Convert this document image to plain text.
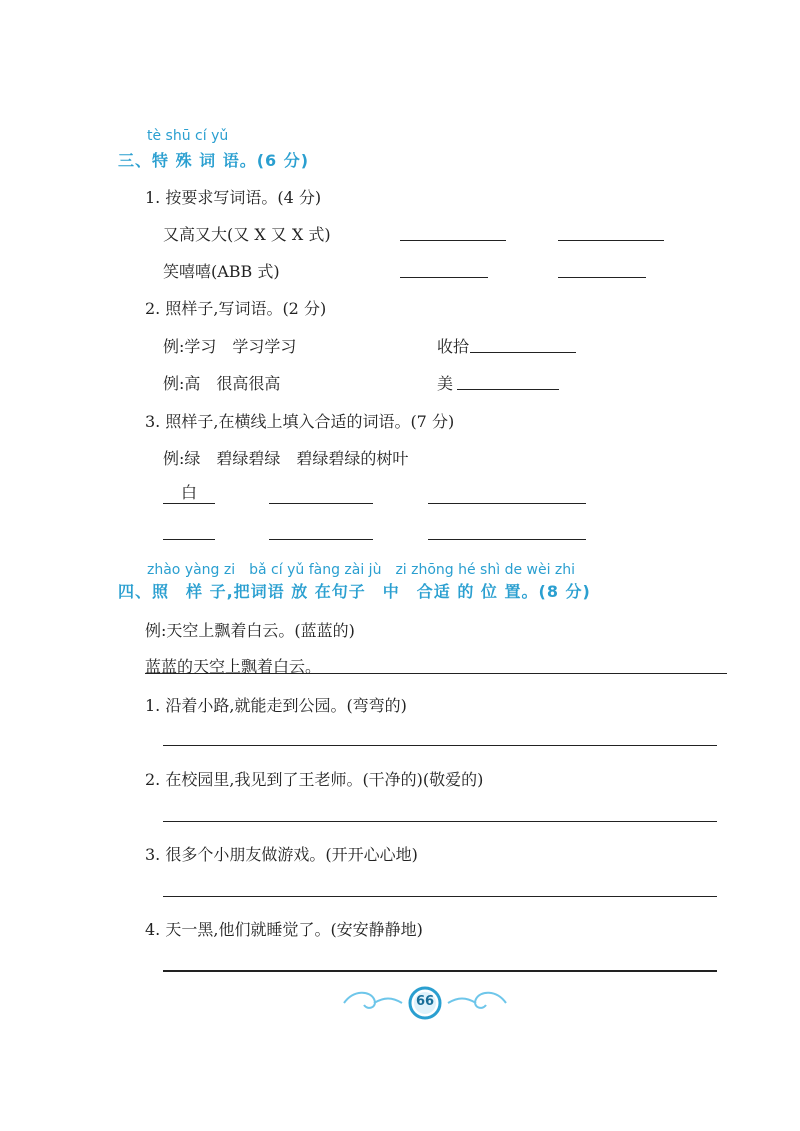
tè shū cí yǔ
三、特 殊 词 语。(6 分)
1. 按要求写词语。(4 分)
又高又大(又 X 又 X 式)
笑嘻嘻(ABB 式)
2. 照样子,写词语。(2 分)
例:学习　学习学习	收拾
例:高　很高很高	美
3. 照样子,在横线上填入合适的词语。(7 分)
例:绿　碧绿碧绿　碧绿碧绿的树叶
白
zhào yàng zi　bǎ cí yǔ fàng zài jù　zi zhōng hé shì de wèi zhi
四、照　样 子,把词语 放 在句子　中　合适 的 位 置。(8 分)
例:天空上飘着白云。(蓝蓝的)
蓝蓝的天空上飘着白云。
1. 沿着小路,就能走到公园。(弯弯的)
2. 在校园里,我见到了王老师。(干净的)(敬爱的)
3. 很多个小朋友做游戏。(开开心心地)
4. 天一黑,他们就睡觉了。(安安静静地)
66
